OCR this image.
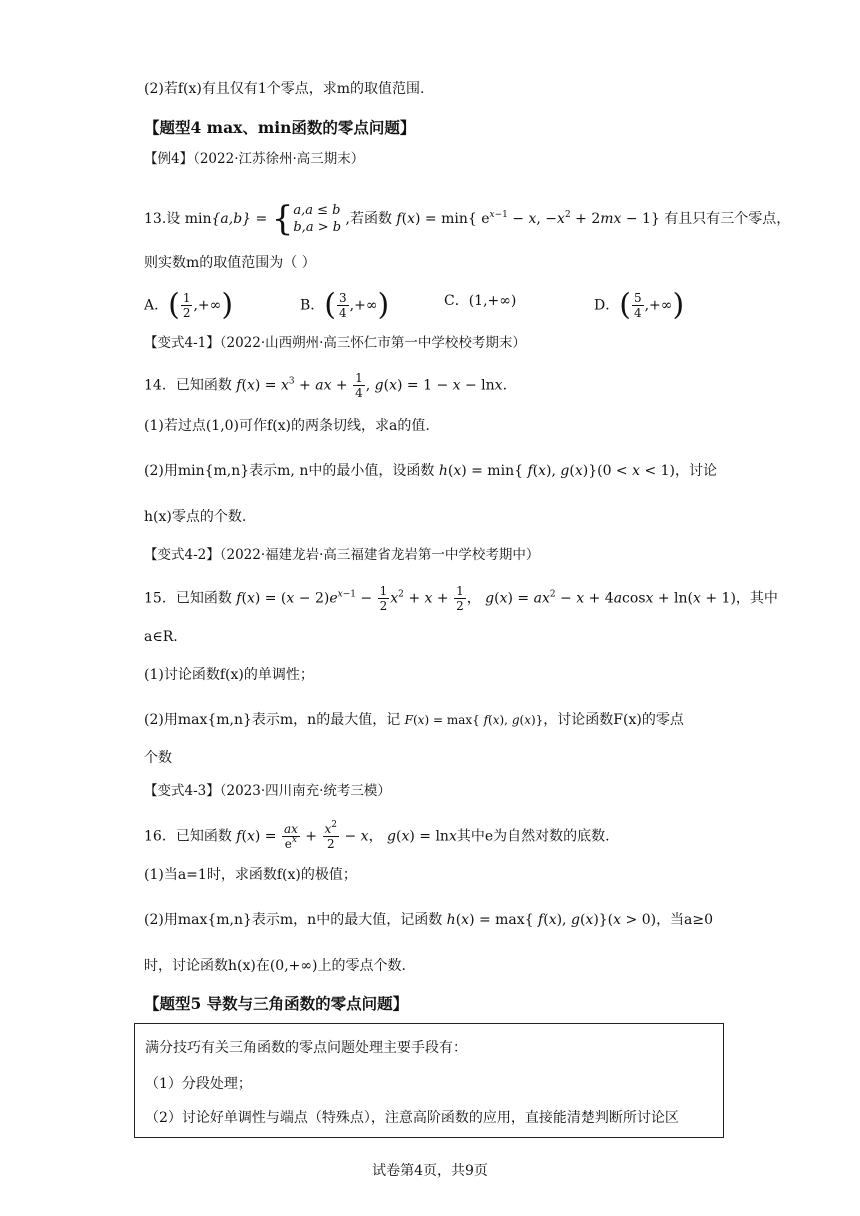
(2)若f(x)有且仅有1个零点，求m的取值范围.
【题型4 max、min函数的零点问题】
【例4】（2022·江苏徐州·高三期末）
13.设 min{a,b} = {a,a ≤ b
b,a > b ,若函数 f(x) = min{ $e^{x-1} - x$, $-x^2 + 2mx - 1$} 有且只有三个零点，
则实数m的取值范围为（ ）
A．( $\frac{1}{2}$ ,+∞)	B．( $\frac{3}{4}$ ,+∞)	C．(1,+∞)	D．( $\frac{5}{4}$ ,+∞)
【变式4-1】（2022·山西朔州·高三怀仁市第一中学校校考期末）
14．已知函数 $f(x) = x^3$ + ax + $\frac{1}{4}$ , g(x) = 1 − x − lnx.
(1)若过点(1,0)可作f(x)的两条切线，求a的值.
(2)用min{m,n}表示m, n中的最小值，设函数 h(x) = min{ f(x), g(x)}(0 < x < 1)，讨论
h(x)零点的个数.
【变式4-2】（2022·福建龙岩·高三福建省龙岩第一中学校考期中）
15．已知函数 $f(x) = (x - 2)e^{x-1} - \frac{1}{2} x^2 + x + \frac{1}{2}$ ， $g(x) = ax^2 - x + 4acosx + \ln(x + 1)$，其中
a∈R.
(1)讨论函数f(x)的单调性；
(2)用max{m,n}表示m，n的最大值，记 F(x) = max{ f(x), g(x)}，讨论函数F(x)的零点
个数
【变式4-3】（2023·四川南充·统考三模）
16．已知函数 $f(x) = \frac{ax}{e^x} + \frac{x^2}{2} - x$， g(x) = lnx其中e为自然对数的底数.
(1)当a=1时，求函数f(x)的极值；
(2)用max{m,n}表示m，n中的最大值，记函数 h(x) = max{ f(x), g(x)}(x > 0)，当a≥0
时，讨论函数h(x)在(0,+∞)上的零点个数.
【题型5 导数与三角函数的零点问题】
满分技巧有关三角函数的零点问题处理主要手段有：
（1）分段处理；
（2）讨论好单调性与端点（特殊点），注意高阶函数的应用，直接能清楚判断所讨论区
试卷第4页，共9页
